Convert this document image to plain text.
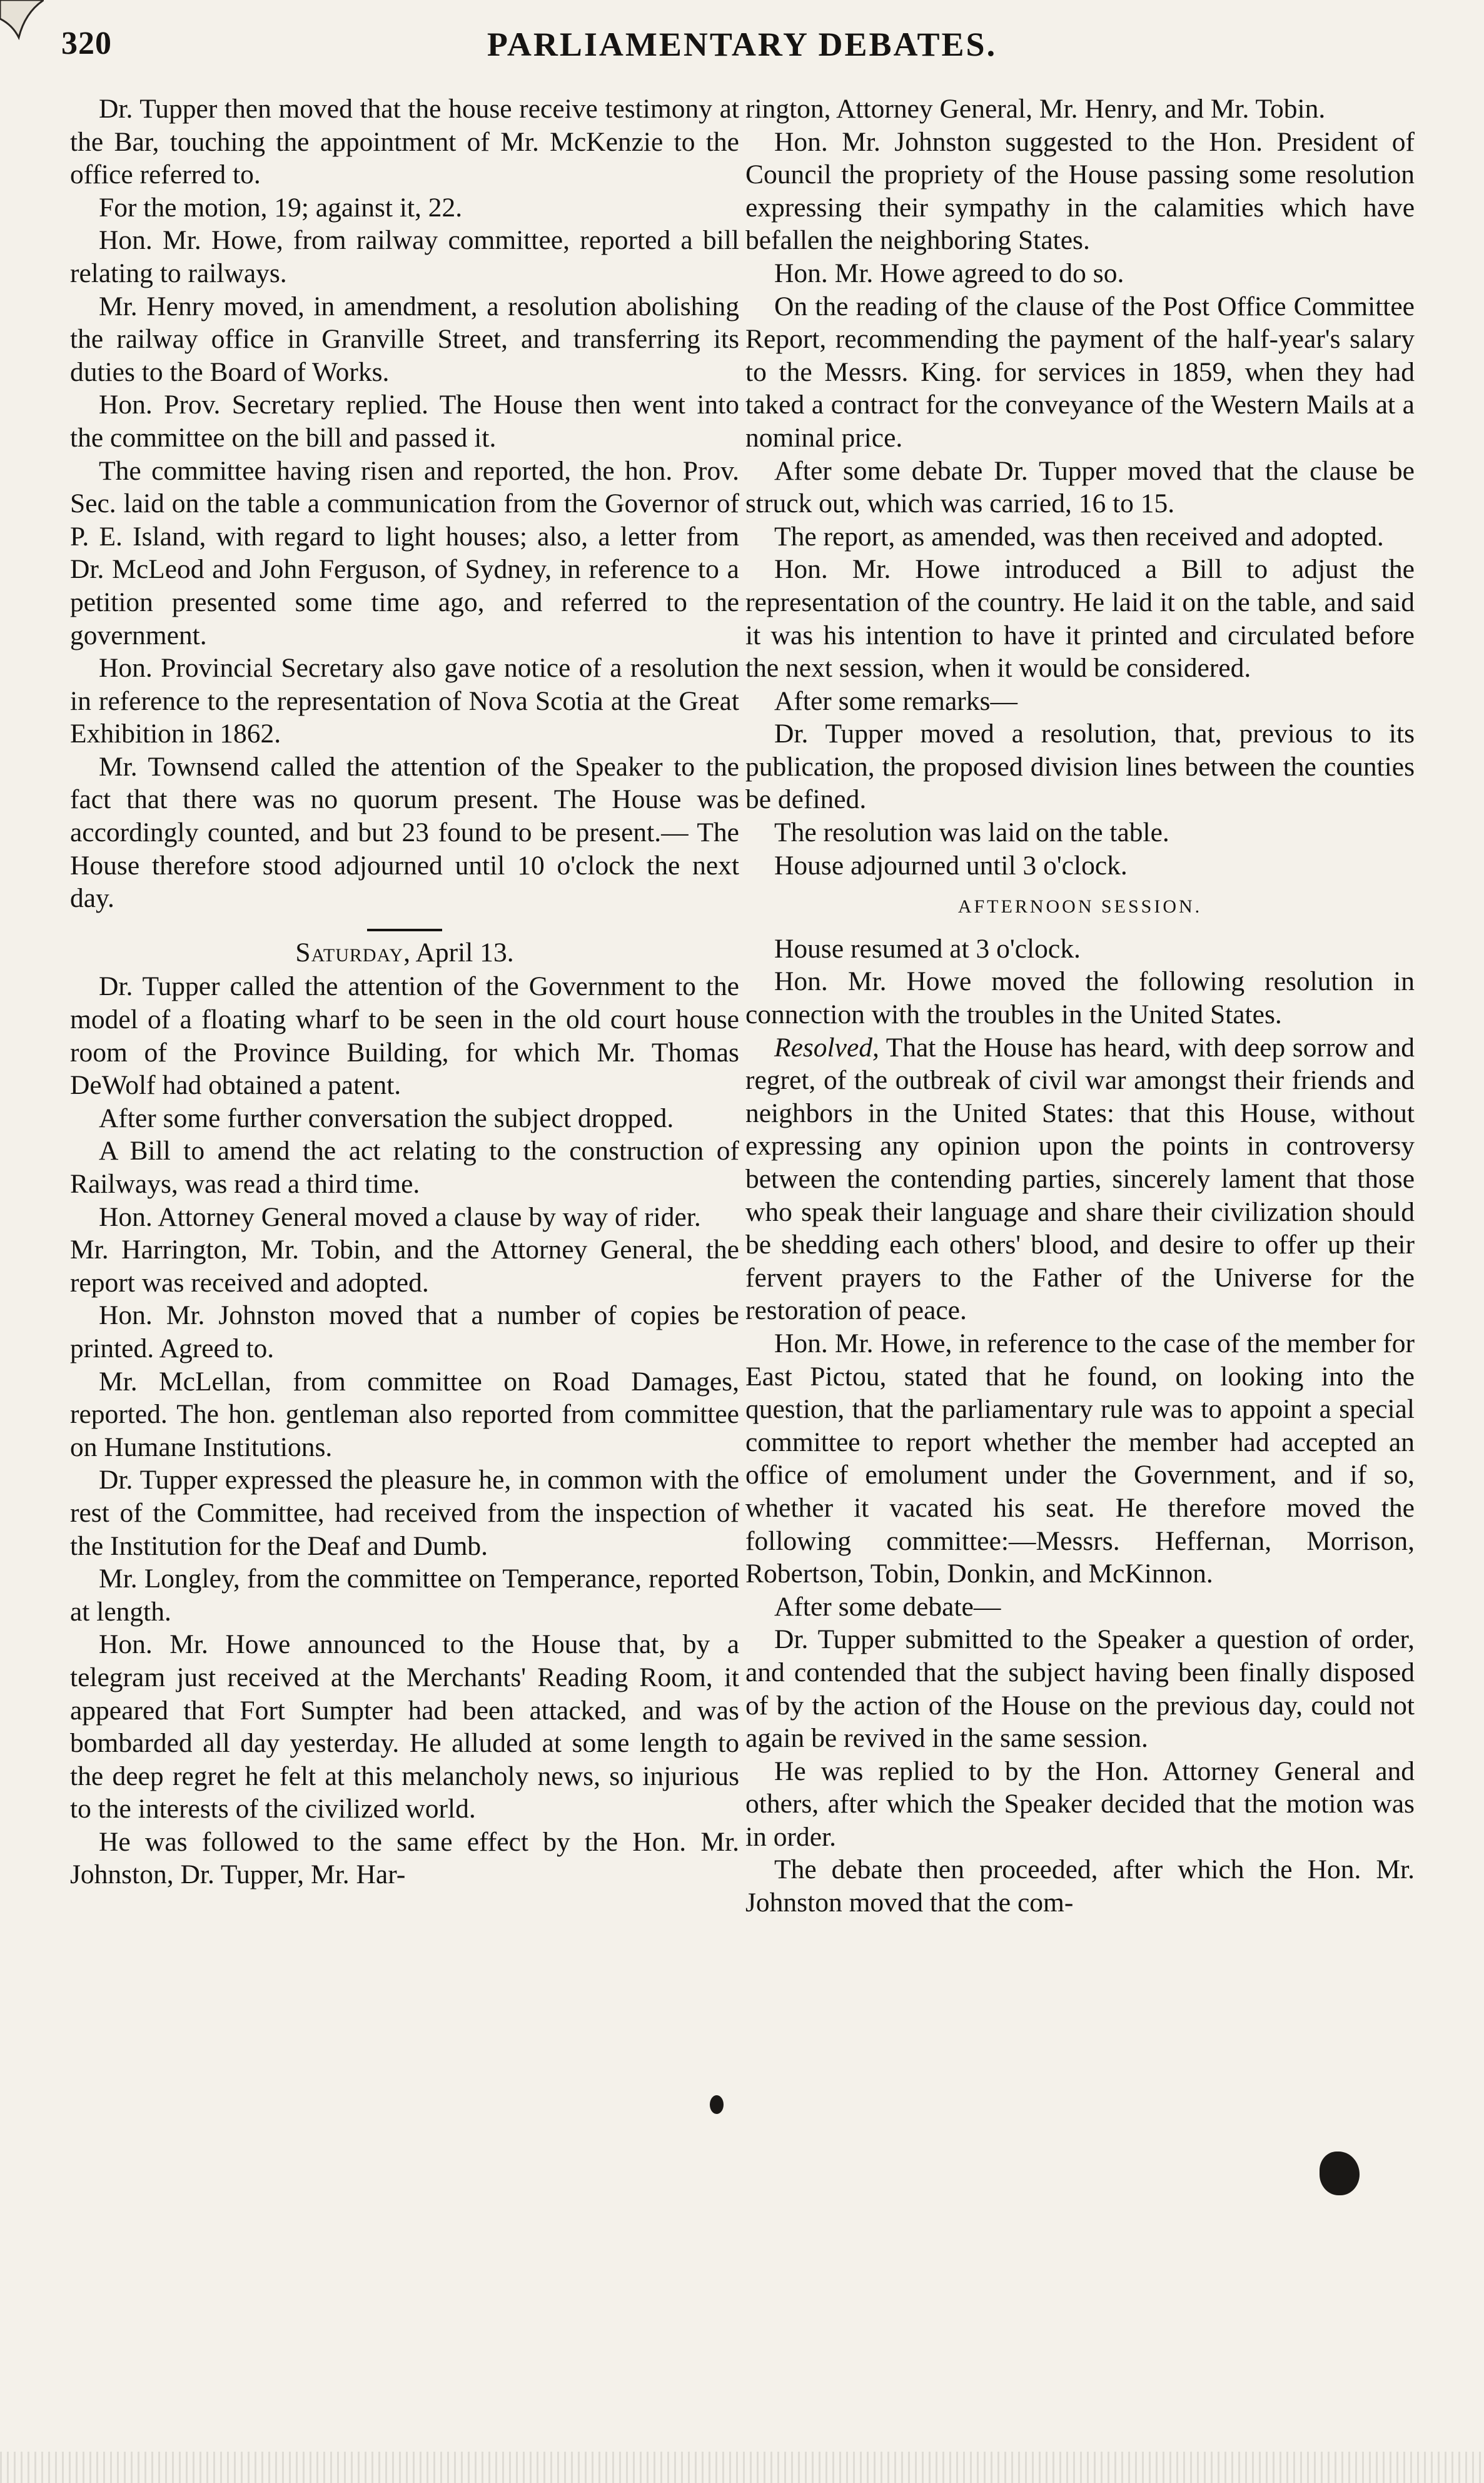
320	PARLIAMENTARY DEBATES.

Dr. Tupper then moved that the house receive testimony at the Bar, touching the appointment of Mr. McKenzie to the office referred to.

For the motion, 19; against it, 22.

Hon. Mr. Howe, from railway committee, reported a bill relating to railways.

Mr. Henry moved, in amendment, a resolution abolishing the railway office in Granville Street, and transferring its duties to the Board of Works.

Hon. Prov. Secretary replied. The House then went into the committee on the bill and passed it.

The committee having risen and reported, the hon. Prov. Sec. laid on the table a communication from the Governor of P. E. Island, with regard to light houses; also, a letter from Dr. McLeod and John Ferguson, of Sydney, in reference to a petition presented some time ago, and referred to the government.

Hon. Provincial Secretary also gave notice of a resolution in reference to the representation of Nova Scotia at the Great Exhibition in 1862.

Mr. Townsend called the attention of the Speaker to the fact that there was no quorum present. The House was accordingly counted, and but 23 found to be present.— The House therefore stood adjourned until 10 o'clock the next day.

Saturday, April 13.

Dr. Tupper called the attention of the Government to the model of a floating wharf to be seen in the old court house room of the Province Building, for which Mr. Thomas DeWolf had obtained a patent.

After some further conversation the subject dropped.

A Bill to amend the act relating to the construction of Railways, was read a third time.

Hon. Attorney General moved a clause by way of rider.

Mr. Harrington, Mr. Tobin, and the Attorney General, the report was received and adopted.

Hon. Mr. Johnston moved that a number of copies be printed. Agreed to.

Mr. McLellan, from committee on Road Damages, reported. The hon. gentleman also reported from committee on Humane Institutions.

Dr. Tupper expressed the pleasure he, in common with the rest of the Committee, had received from the inspection of the Institution for the Deaf and Dumb.

Mr. Longley, from the committee on Temperance, reported at length.

Hon. Mr. Howe announced to the House that, by a telegram just received at the Merchants' Reading Room, it appeared that Fort Sumpter had been attacked, and was bombarded all day yesterday. He alluded at some length to the deep regret he felt at this melancholy news, so injurious to the interests of the civilized world.

He was followed to the same effect by the Hon. Mr. Johnston, Dr. Tupper, Mr. Har-

rington, Attorney General, Mr. Henry, and Mr. Tobin.

Hon. Mr. Johnston suggested to the Hon. President of Council the propriety of the House passing some resolution expressing their sympathy in the calamities which have befallen the neighboring States.

Hon. Mr. Howe agreed to do so.

On the reading of the clause of the Post Office Committee Report, recommending the payment of the half-year's salary to the Messrs. King. for services in 1859, when they had taked a contract for the conveyance of the Western Mails at a nominal price.

After some debate Dr. Tupper moved that the clause be struck out, which was carried, 16 to 15.

The report, as amended, was then received and adopted.

Hon. Mr. Howe introduced a Bill to adjust the representation of the country. He laid it on the table, and said it was his intention to have it printed and circulated before the next session, when it would be considered.

After some remarks—

Dr. Tupper moved a resolution, that, previous to its publication, the proposed division lines between the counties be defined.

The resolution was laid on the table.

House adjourned until 3 o'clock.

AFTERNOON SESSION.

House resumed at 3 o'clock.

Hon. Mr. Howe moved the following resolution in connection with the troubles in the United States.

Resolved, That the House has heard, with deep sorrow and regret, of the outbreak of civil war amongst their friends and neighbors in the United States: that this House, without expressing any opinion upon the points in controversy between the contending parties, sincerely lament that those who speak their language and share their civilization should be shedding each others' blood, and desire to offer up their fervent prayers to the Father of the Universe for the restoration of peace.

Hon. Mr. Howe, in reference to the case of the member for East Pictou, stated that he found, on looking into the question, that the parliamentary rule was to appoint a special committee to report whether the member had accepted an office of emolument under the Government, and if so, whether it vacated his seat. He therefore moved the following committee:—Messrs. Heffernan, Morrison, Robertson, Tobin, Donkin, and McKinnon.

After some debate—

Dr. Tupper submitted to the Speaker a question of order, and contended that the subject having been finally disposed of by the action of the House on the previous day, could not again be revived in the same session.

He was replied to by the Hon. Attorney General and others, after which the Speaker decided that the motion was in order.

The debate then proceeded, after which the Hon. Mr. Johnston moved that the com-
